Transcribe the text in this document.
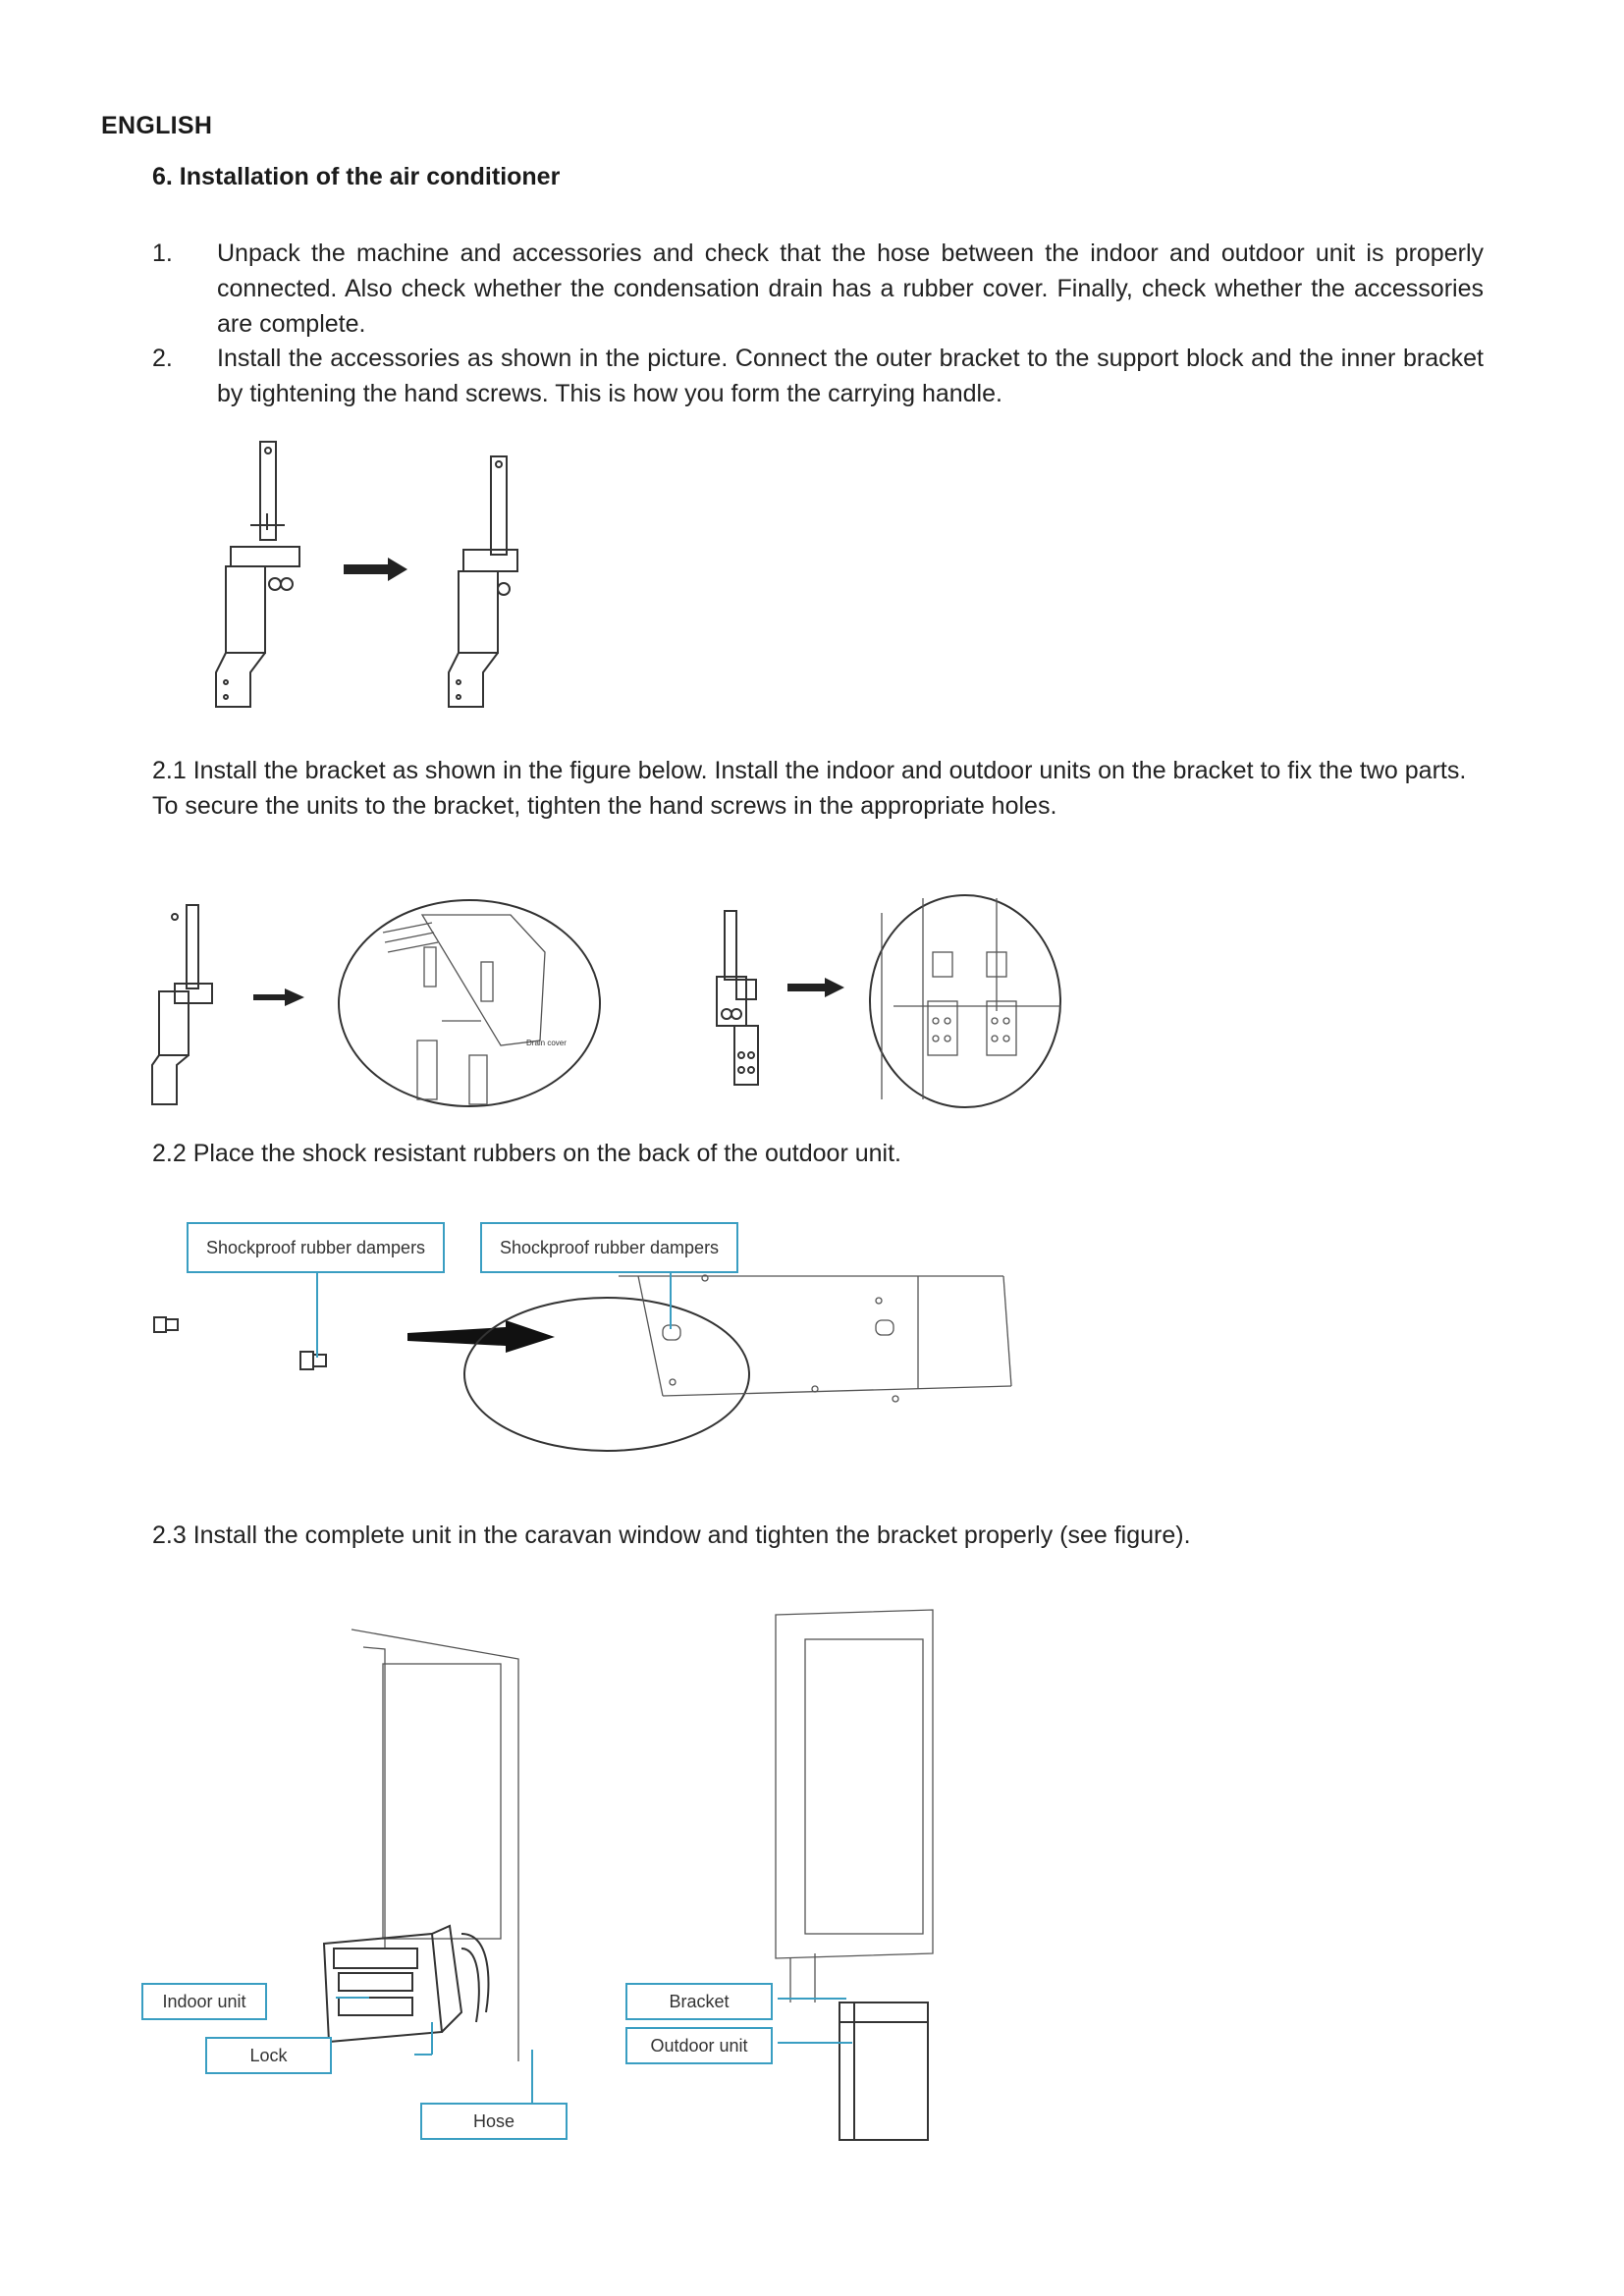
ENGLISH
6. Installation of the air conditioner
1. Unpack the machine and accessories and check that the hose between the indoor and outdoor unit is properly connected. Also check whether the condensation drain has a rubber cover. Finally, check whether the accessories are complete.
2. Install the accessories as shown in the picture. Connect the outer bracket to the support block and the inner bracket by tightening the hand screws. This is how you form the carrying handle.
2.1 Install the bracket as shown in the figure below. Install the indoor and outdoor units on the bracket to fix the two parts. To secure the units to the bracket, tighten the hand screws in the appropriate holes.
Drain cover
2.2 Place the shock resistant rubbers on the back of the outdoor unit.
Shockproof rubber dampers	Shockproof rubber dampers
2.3 Install the complete unit in the caravan window and tighten the bracket properly (see figure).
Indoor unit
Lock
Hose
Bracket
Outdoor unit
